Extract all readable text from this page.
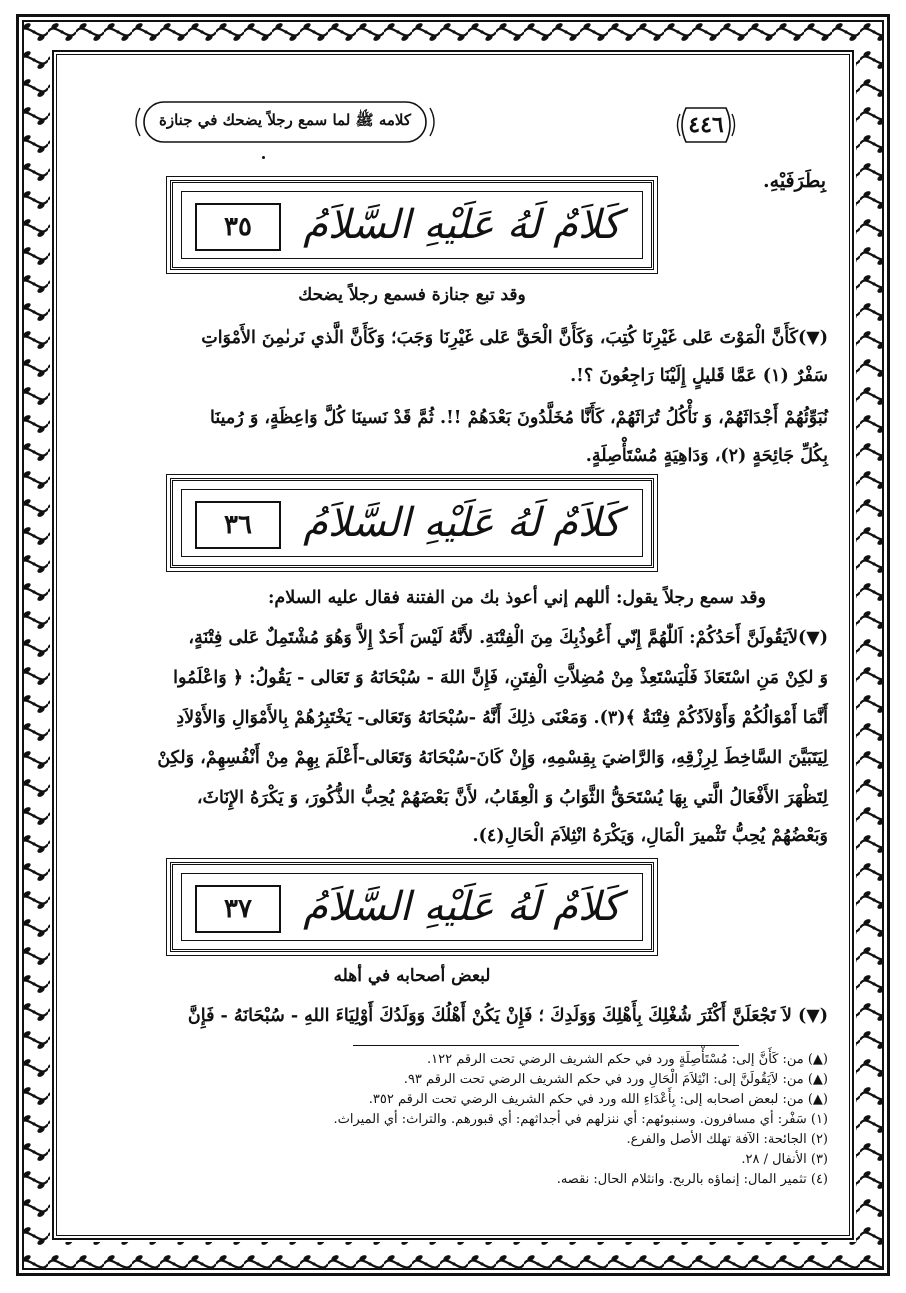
٤٤٦
كلامه ﷺ لما سمع رجلاً يضحك في جنازة
بِطَرَفَيْهِ.
كَلاَمٌ لَهُ عَلَيْهِ السَّلاَمُ
٣٥
وقد تبع جنازة فسمع رجلاً يضحك
(▼)كَأَنَّ الْمَوْتَ عَلى غَيْرِنَا كُتِبَ، وَكَأَنَّ الْحَقَّ عَلى غَيْرِنَا وَجَبَ؛ وَكَأَنَّ الَّذي نَرىٰمِنَ الأَمْوَاتِ
سَفْرٌ (١) عَمَّا قَليلٍ إِلَيْنَا رَاجِعُونَ ؟!.
نُبَوِّئُهُمْ أَجْدَاثَهُمْ، وَ نَأْكُلُ تُرَاثَهُمْ، كَأَنَّا مُخَلَّدُونَ بَعْدَهُمْ !!. ثُمَّ قَدْ نَسينَا كُلَّ وَاعِظَةٍ، وَ رُمينَا
بِكُلِّ جَائِحَةٍ (٢)، وَدَاهِيَةٍ مُسْتَأْصِلَةٍ.
كَلاَمٌ لَهُ عَلَيْهِ السَّلاَمُ
٣٦
وقد سمع رجلاً يقول: أللهم إني أعوذ بك من الفتنة فقال عليه السلام:
(▼)لاَيَقُولَنَّ أَحَدُكُمْ: اَللّٰهُمَّ إِنّي أَعُوذُبِكَ مِنَ الْفِتْنَةِ. لأَنَّهُ لَيْسَ أَحَدٌ إِلاَّ وَهُوَ مُشْتَمِلٌ عَلى فِتْنَةٍ،
وَ لكِنْ مَنِ اسْتَعَاذَ فَلْيَسْتَعِذْ مِنْ مُضِلاَّتِ الْفِتَنِ، فَإِنَّ اللهَ - سُبْحَانَهُ وَ تَعَالى - يَقُولُ: ﴿ وَاعْلَمُوا
أَنَّمَا أَمْوَالُكُمْ وَأَوْلاَدُكُمْ فِتْنَةٌ ﴾(٣). وَمَعْنَى ذلِكَ أَنَّهُ -سُبْحَانَهُ وَتَعَالى- يَخْتَبِرُهُمْ بِالأَمْوَالِ وَالأَوْلاَدِ
لِيَتَبَيَّنَ السَّاخِطَ لِرِزْقِهِ، وَالرَّاضيَ بِقِسْمِهِ، وَإِنْ كَانَ-سُبْحَانَهُ وَتَعَالى-أَعْلَمَ بِهِمْ مِنْ أَنْفُسِهِمْ، وَلكِنْ
لِتَظْهَرَ الأَفْعَالُ الَّتي بِهَا يُسْتَحَقُّ الثَّوَابُ وَ الْعِقَابُ، لأَنَّ بَعْضَهُمْ يُحِبُّ الذُّكُورَ، وَ يَكْرَهُ الإِنَاثَ،
وَبَعْضُهُمْ يُحِبُّ تَثْميرَ الْمَالِ، وَيَكْرَهُ انْثِلاَمَ الْحَالِ(٤).
كَلاَمٌ لَهُ عَلَيْهِ السَّلاَمُ
٣٧
لبعض أصحابه في أهله
(▼) لاَ تَجْعَلَنَّ أَكْثَرَ شُغْلِكَ بِأَهْلِكَ وَوَلَدِكَ ؛ فَإِنْ يَكُنْ أَهْلُكَ وَوَلَدُكَ أَوْلِيَاءَ اللهِ - سُبْحَانَهُ - فَإِنَّ
(▲) من: كَأَنَّ إلى: مُسْتَأْصِلَةٍ ورد في حكم الشريف الرضي تحت الرقم ١٢٢.
(▲) من: لاَيَقُولَنَّ إلى: انْثِلاَمَ الْحَالِ ورد في حكم الشريف الرضي تحت الرقم ٩٣.
(▲) من: لبعض اصحابه إلى: بِأَعْدَاءِ الله ورد في حكم الشريف الرضي تحت الرقم ٣٥٢.
(١) سَفْر: أي مسافرون. وسنبوئهم: أي ننزلهم في أجداثهم: أي قبورهم. والتراث: أي الميراث.
(٢) الجائحة: الآفة تهلك الأصل والفرع.
(٣) الأنفال / ٢٨.
(٤) تثمير المال: إنماؤه بالربح. وانثلام الحال: نقصه.
